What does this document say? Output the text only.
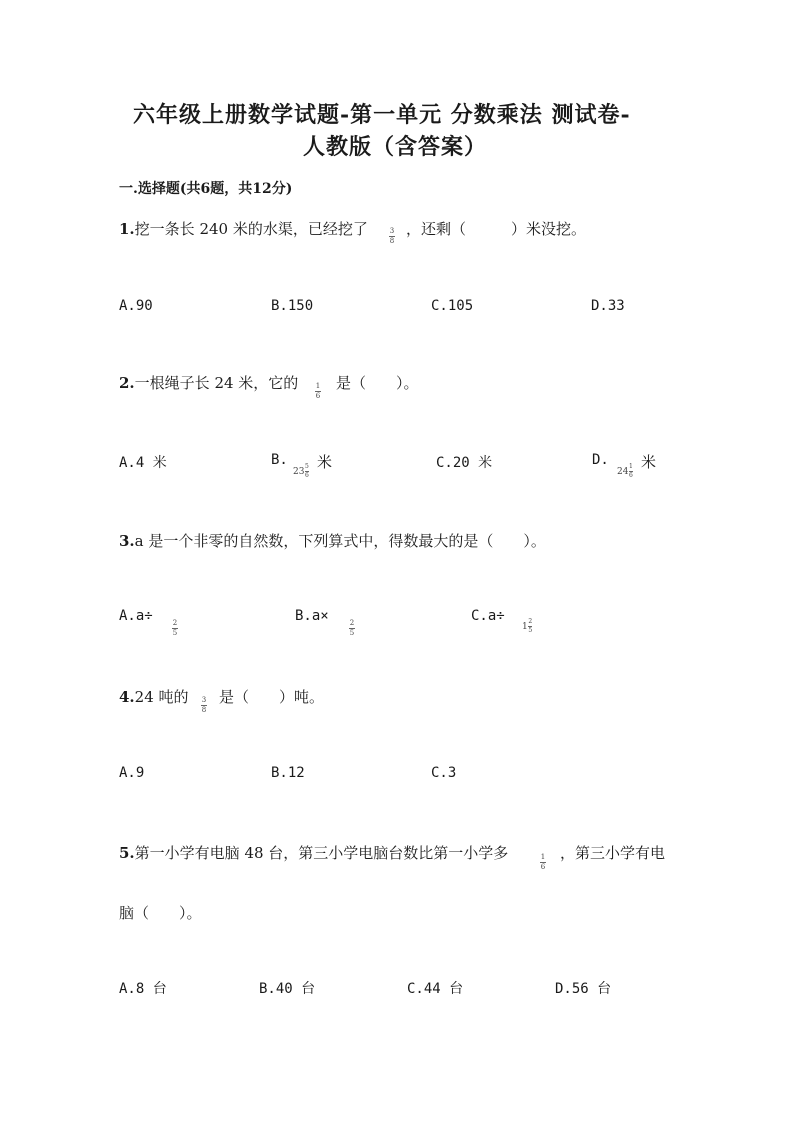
六年级上册数学试题-第一单元 分数乘法 测试卷-
人教版（含答案）
一.选择题(共6题，共12分)
1.挖一条长 240 米的水渠，已经挖了	3
8
，还剩（　　　）米没挖。
A.90	B.150	C.105	D.33
2.一根绳子长 24 米，它的 1
6
是（　　）。
A.4 米	B.
$23 \frac{5}{6}$
米	C.20 米	D.
$24 \frac{1}{6}$
米
3.a 是一个非零的自然数，下列算式中，得数最大的是（　　）。
A.a÷	2
5
B.a×	2
5
C.a÷
$1 \frac{2}{5}$
4.24 吨的 3
8
是（　　）吨。
A.9	B.12	C.3
5.第一小学有电脑 48 台，第三小学电脑台数比第一小学多	1
6
，第三小学有电
脑（　　）。
A.8 台	B.40 台	C.44 台	D.56 台
